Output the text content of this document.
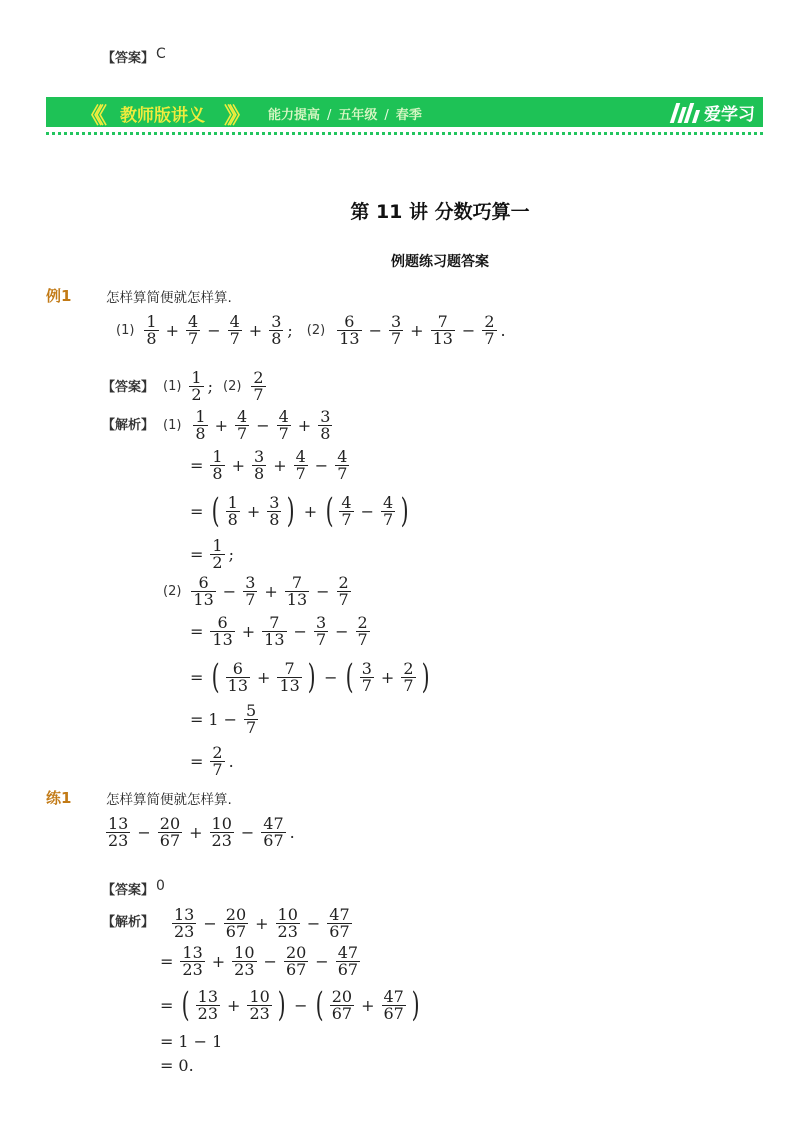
【答案】 C
《《 教师版讲义 》》 能力提高 / 五年级 / 春季	爱学习
第 11 讲 分数巧算一
例题练习题答案
例1	怎样算简便就怎样算.
$(1) \frac{1}{8} + \frac{4}{7} - \frac{4}{7} + \frac{3}{8}$ ; $(2) \frac{6}{13} - \frac{3}{7} + \frac{7}{13} - \frac{2}{7}$ .
【答案】 $(1) \frac{1}{2}$ ; $(2) \frac{2}{7}$
【解析】 $(1) \frac{1}{8} + \frac{4}{7} - \frac{4}{7} + \frac{3}{8}$
= $\frac{1}{8} + \frac{3}{8} + \frac{4}{7} - \frac{4}{7}$
= ( $\frac{1}{8} + \frac{3}{8}$ ) + ( $\frac{4}{7} - \frac{4}{7}$ )
= $\frac{1}{2}$ ;
$(2) \frac{6}{13} - \frac{3}{7} + \frac{7}{13} - \frac{2}{7}$
= $\frac{6}{13} + \frac{7}{13} - \frac{3}{7} - \frac{2}{7}$
= ( $\frac{6}{13} + \frac{7}{13}$ ) − ( $\frac{3}{7} + \frac{2}{7}$ )
= $1 - \frac{5}{7}$
= $\frac{2}{7}$ .
练1	怎样算简便就怎样算.
$\frac{13}{23} - \frac{20}{67} + \frac{10}{23} - \frac{47}{67}$ .
【答案】 0
【解析】 $\frac{13}{23} - \frac{20}{67} + \frac{10}{23} - \frac{47}{67}$
= $\frac{13}{23} + \frac{10}{23} - \frac{20}{67} - \frac{47}{67}$
= ( $\frac{13}{23} + \frac{10}{23}$ ) − ( $\frac{20}{67} + \frac{47}{67}$ )
= 1 − 1
= 0.
